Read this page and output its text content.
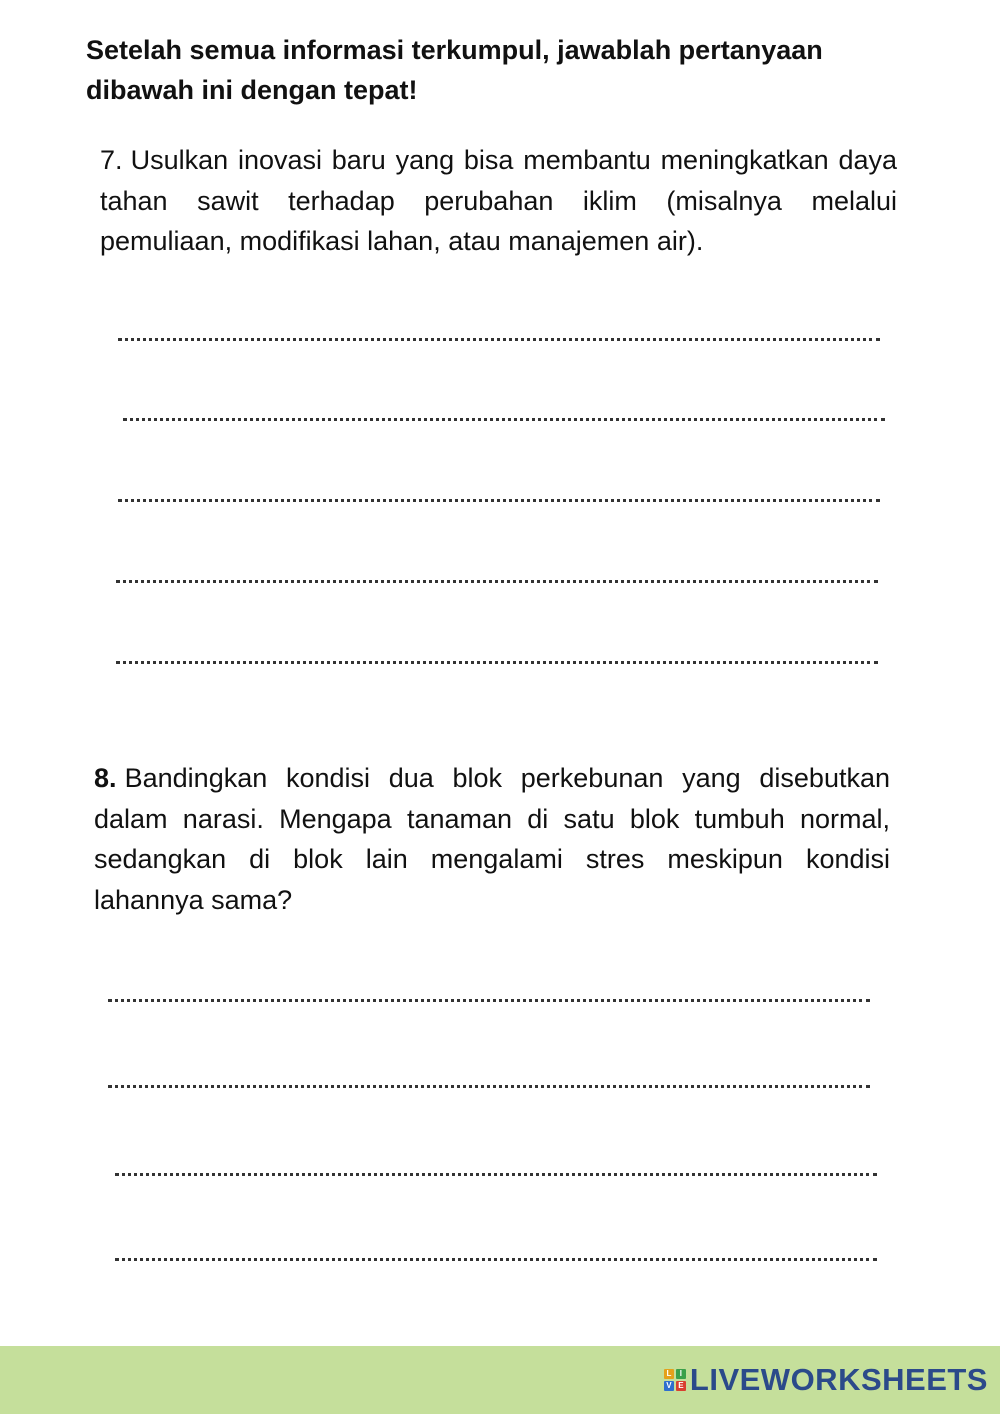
Setelah semua informasi terkumpul, jawablah pertanyaan dibawah ini dengan tepat!

7. Usulkan inovasi baru yang bisa membantu meningkatkan daya tahan sawit terhadap perubahan iklim (misalnya melalui pemuliaan, modifikasi lahan, atau manajemen air).

8. Bandingkan kondisi dua blok perkebunan yang disebutkan dalam narasi. Mengapa tanaman di satu blok tumbuh normal, sedangkan di blok lain mengalami stres meskipun kondisi lahannya sama?

L	I
V E LIVEWORKSHEETS
